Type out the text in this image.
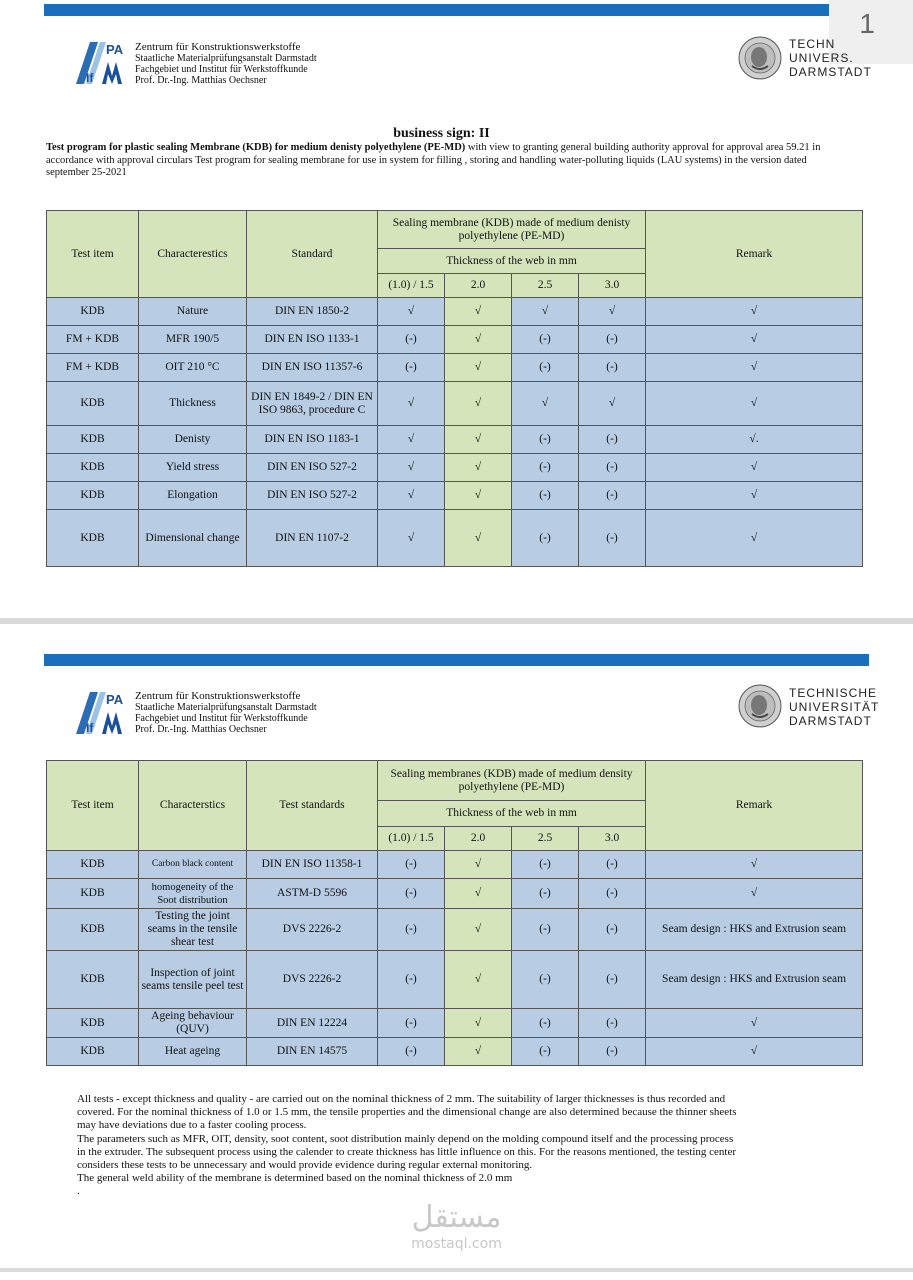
1
PA
If
Zentrum für Konstruktionswerkstoffe
Staatliche Materialprüfungsanstalt Darmstadt
Fachgebiet und Institut für Werkstoffkunde
Prof. Dr.-Ing. Matthias Oechsner
TECHN
UNIVERS.
DARMSTADT
business sign: II
Test program for plastic sealing Membrane (KDB) for medium denisty polyethylene (PE-MD) with view to granting general building authority approval for approval area 59.21 in accordance with approval circulars Test program for sealing membrane for use in system for filling , storing and handling water-polluting liquids (LAU systems) in the version dated september 25-2021
Test item	Characterestics	Standard	Sealing membrane (KDB) made of medium denisty polyethylene (PE-MD)				Remark
			Thickness of the web in mm				
			(1.0) / 1.5	2.0	2.5	3.0	
KDB	Nature	DIN EN 1850-2	√	√	√	√	√
FM + KDB	MFR 190/5	DIN EN ISO 1133-1	(-)	√	(-)	(-)	√
FM + KDB	OIT 210 °C	DIN EN ISO 11357-6	(-)	√	(-)	(-)	√
KDB	Thickness	DIN EN 1849-2 / DIN EN ISO 9863, procedure C	√	√	√	√	√
KDB	Denisty	DIN EN ISO 1183-1	√	√	(-)	(-)	√.
KDB	Yield stress	DIN EN ISO 527-2	√	√	(-)	(-)	√
KDB	Elongation	DIN EN ISO 527-2	√	√	(-)	(-)	√
KDB	Dimensional change	DIN EN 1107-2	√	√	(-)	(-)	√
PA
If
Zentrum für Konstruktionswerkstoffe
Staatliche Materialprüfungsanstalt Darmstadt
Fachgebiet und Institut für Werkstoffkunde
Prof. Dr.-Ing. Matthias Oechsner
TECHNISCHE
UNIVERSITÄT
DARMSTADT
Test item	Characterstics	Test standards	Sealing membranes (KDB) made of medium density polyethylene (PE-MD)				Remark
			Thickness of the web in mm				
			(1.0) / 1.5	2.0	2.5	3.0	
KDB	Carbon black content	DIN EN ISO 11358-1	(-)	√	(-)	(-)	√
KDB	homogeneity of the Soot distribution	ASTM-D 5596	(-)	√	(-)	(-)	√
KDB	Testing the joint seams in the tensile shear test	DVS 2226-2	(-)	√	(-)	(-)	Seam design : HKS and Extrusion seam
KDB	Inspection of joint seams tensile peel test	DVS 2226-2	(-)	√	(-)	(-)	Seam design : HKS and Extrusion seam
KDB	Ageing behaviour (QUV)	DIN EN 12224	(-)	√	(-)	(-)	√
KDB	Heat ageing	DIN EN 14575	(-)	√	(-)	(-)	√
All tests - except thickness and quality - are carried out on the nominal thickness of 2 mm. The suitability of larger thicknesses is thus recorded and
covered. For the nominal thickness of 1.0 or 1.5 mm, the tensile properties and the dimensional change are also determined because the thinner sheets
may have deviations due to a faster cooling process.
The parameters such as MFR, OIT, density, soot content, soot distribution mainly depend on the molding compound itself and the processing process
in the extruder. The subsequent process using the calender to create thickness has little influence on this. For the reasons mentioned, the testing center
considers these tests to be unnecessary and would provide evidence during regular external monitoring.
The general weld ability of the membrane is determined based on the nominal thickness of 2.0 mm
.
مستقل
mostaql.com
